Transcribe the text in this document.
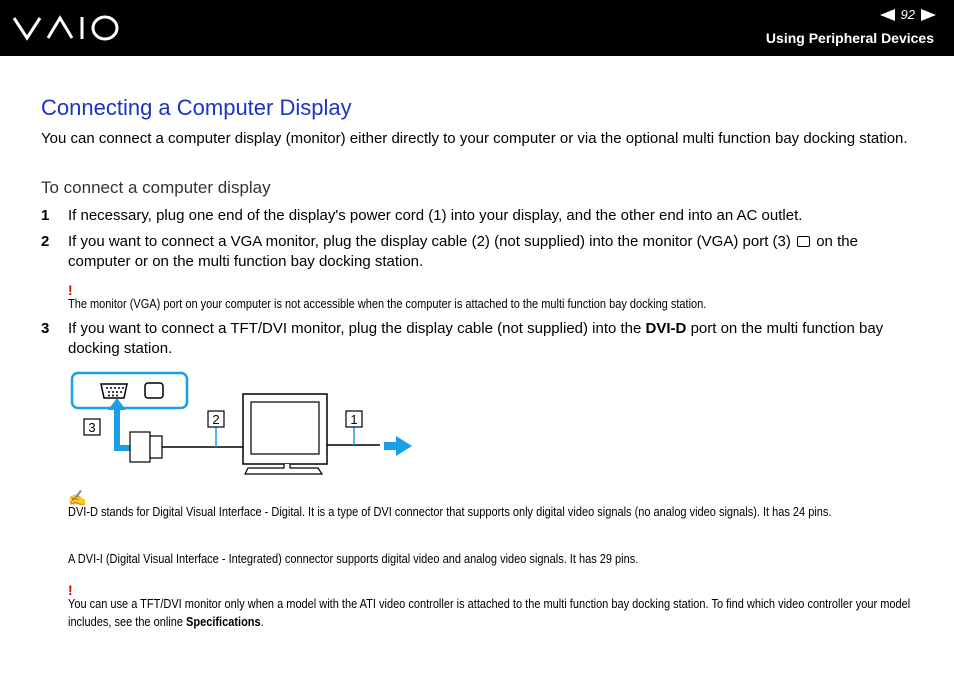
92
Using Peripheral Devices
Connecting a Computer Display

You can connect a computer display (monitor) either directly to your computer or via the optional multi function bay docking station.

To connect a computer display
1	If necessary, plug one end of the display's power cord (1) into your display, and the other end into an AC outlet.
2	If you want to connect a VGA monitor, plug the display cable (2) (not supplied) into the monitor (VGA) port (3) on the computer or on the multi function bay docking station.
!
The monitor (VGA) port on your computer is not accessible when the computer is attached to the multi function bay docking station.
3	If you want to connect a TFT/DVI monitor, plug the display cable (not supplied) into the DVI-D port on the multi function bay docking station.
3
2	1
✍
DVI-D stands for Digital Visual Interface - Digital. It is a type of DVI connector that supports only digital video signals (no analog video signals). It has 24 pins.
A DVI-I (Digital Visual Interface - Integrated) connector supports digital video and analog video signals. It has 29 pins.
!
You can use a TFT/DVI monitor only when a model with the ATI video controller is attached to the multi function bay docking station. To find which video controller your model includes, see the online Specifications.
